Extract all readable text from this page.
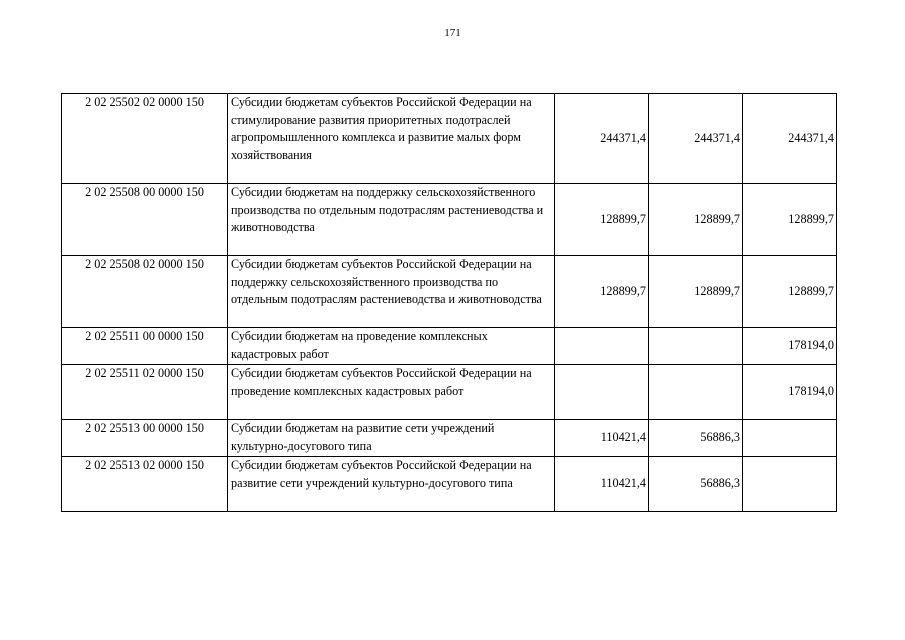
171
2 02 25502 02 0000 150	Субсидии бюджетам субъектов Российской Федерации на стимулирование развития приоритетных подотраслей агропромышленного комплекса и развитие малых форм хозяйствования	244371,4	244371,4	244371,4
2 02 25508 00 0000 150	Субсидии бюджетам на поддержку сельскохозяйственного производства по отдельным подотраслям растениеводства и животноводства	128899,7	128899,7	128899,7
2 02 25508 02 0000 150	Субсидии бюджетам субъектов Российской Федерации на поддержку сельскохозяйственного производства по отдельным подотраслям растениеводства и животноводства	128899,7	128899,7	128899,7
2 02 25511 00 0000 150	Субсидии бюджетам на проведение комплексных кадастровых работ			178194,0
2 02 25511 02 0000 150	Субсидии бюджетам субъектов Российской Федерации на проведение комплексных кадастровых работ			178194,0
2 02 25513 00 0000 150	Субсидии бюджетам на развитие сети учреждений культурно-досугового типа	110421,4	56886,3	
2 02 25513 02 0000 150	Субсидии бюджетам субъектов Российской Федерации на развитие сети учреждений культурно-досугового типа	110421,4	56886,3	
